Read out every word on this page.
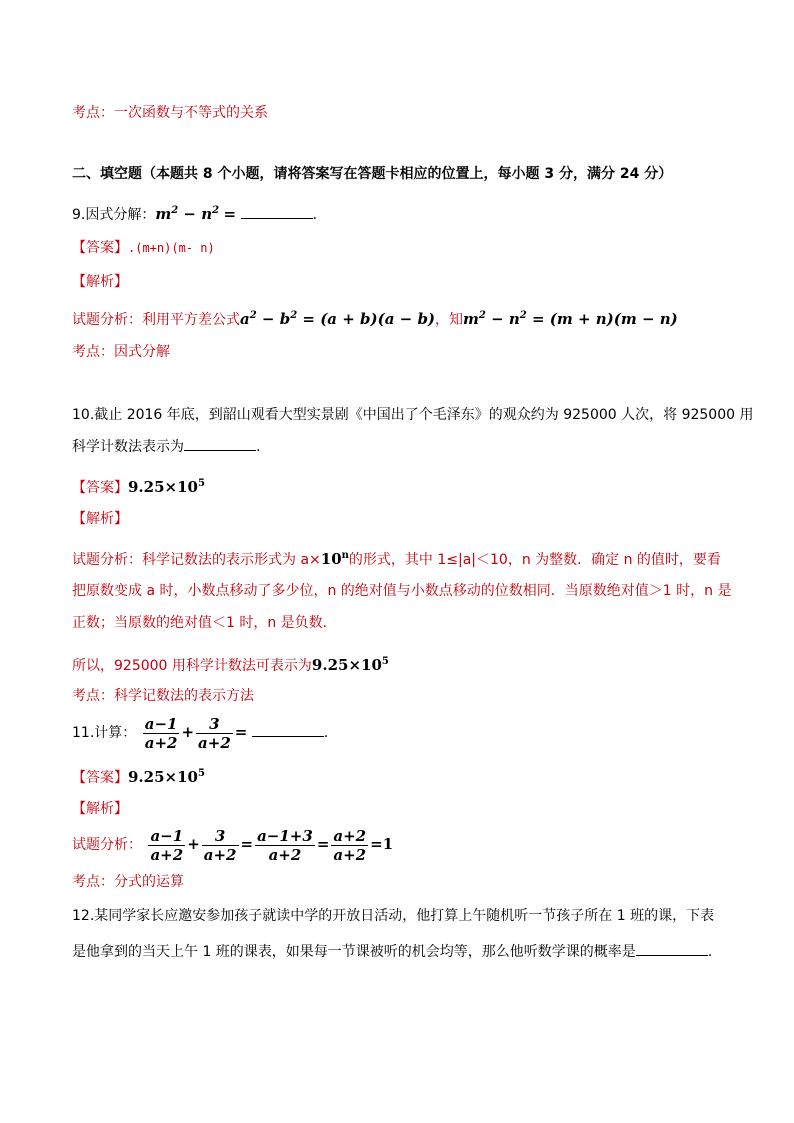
考点：一次函数与不等式的关系
二、填空题（本题共 8 个小题，请将答案写在答题卡相应的位置上，每小题 3 分，满分 24 分）
9.因式分解：$m^2 - n^2$ =	.
【答案】.(m+n)(m- n)
【解析】
试题分析：利用平方差公式$a^2 - b^2 = (a + b)(a - b)$，知$m^2 - n^2 = (m + n)(m - n)$
考点：因式分解
10.截止 2016 年底，到韶山观看大型实景剧《中国出了个毛泽东》的观众约为 925000 人次，将 925000 用
科学计数法表示为	.
【答案】$9.25\times 10^5$
【解析】
试题分析：科学记数法的表示形式为 $a\times 10^n$的形式，其中 1≤|a|＜10，n 为整数．确定 n 的值时，要看
把原数变成 a 时，小数点移动了多少位，n 的绝对值与小数点移动的位数相同．当原数绝对值＞1 时，n 是
正数；当原数的绝对值＜1 时，n 是负数．
所以，925000 用科学计数法可表示为$9.25\times 10^5$
考点：科学记数法的表示方法
11.计算： $\frac{a-1}{a+2} + \frac{3}{a+2}$ =	.
【答案】$9.25\times 10^5$
【解析】
试题分析： $\frac{a-1}{a+2} + \frac{3}{a+2} = \frac{a-1+3}{a+2} = \frac{a+2}{a+2} =1$
考点：分式的运算
12.某同学家长应邀安参加孩子就读中学的开放日活动，他打算上午随机听一节孩子所在 1 班的课，下表
是他拿到的当天上午 1 班的课表，如果每一节课被听的机会均等，那么他听数学课的概率是	.
